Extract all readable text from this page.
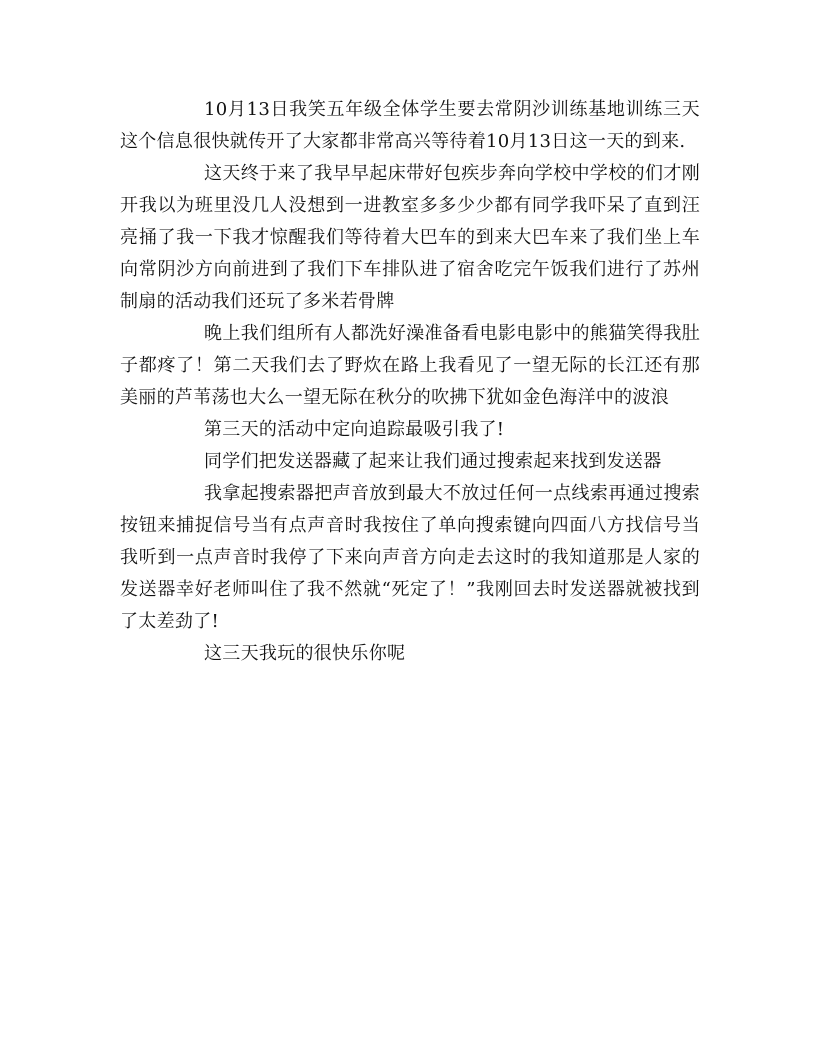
10月13日我笑五年级全体学生要去常阴沙训练基地训练三天这个信息很快就传开了大家都非常高兴等待着10月13日这一天的到来.

这天终于来了我早早起床带好包疾步奔向学校中学校的们才刚开我以为班里没几人没想到一进教室多多少少都有同学我吓呆了直到汪亮捅了我一下我才惊醒我们等待着大巴车的到来大巴车来了我们坐上车向常阴沙方向前进到了我们下车排队进了宿舍吃完午饭我们进行了苏州制扇的活动我们还玩了多米若骨牌

晚上我们组所有人都洗好澡准备看电影电影中的熊猫笑得我肚子都疼了！第二天我们去了野炊在路上我看见了一望无际的长江还有那美丽的芦苇荡也大么一望无际在秋分的吹拂下犹如金色海洋中的波浪

第三天的活动中定向追踪最吸引我了!

同学们把发送器藏了起来让我们通过搜索起来找到发送器

我拿起搜索器把声音放到最大不放过任何一点线索再通过搜索按钮来捕捉信号当有点声音时我按住了单向搜索键向四面八方找信号当我听到一点声音时我停了下来向声音方向走去这时的我知道那是人家的发送器幸好老师叫住了我不然就“死定了！”我刚回去时发送器就被找到了太差劲了!

这三天我玩的很快乐你呢
